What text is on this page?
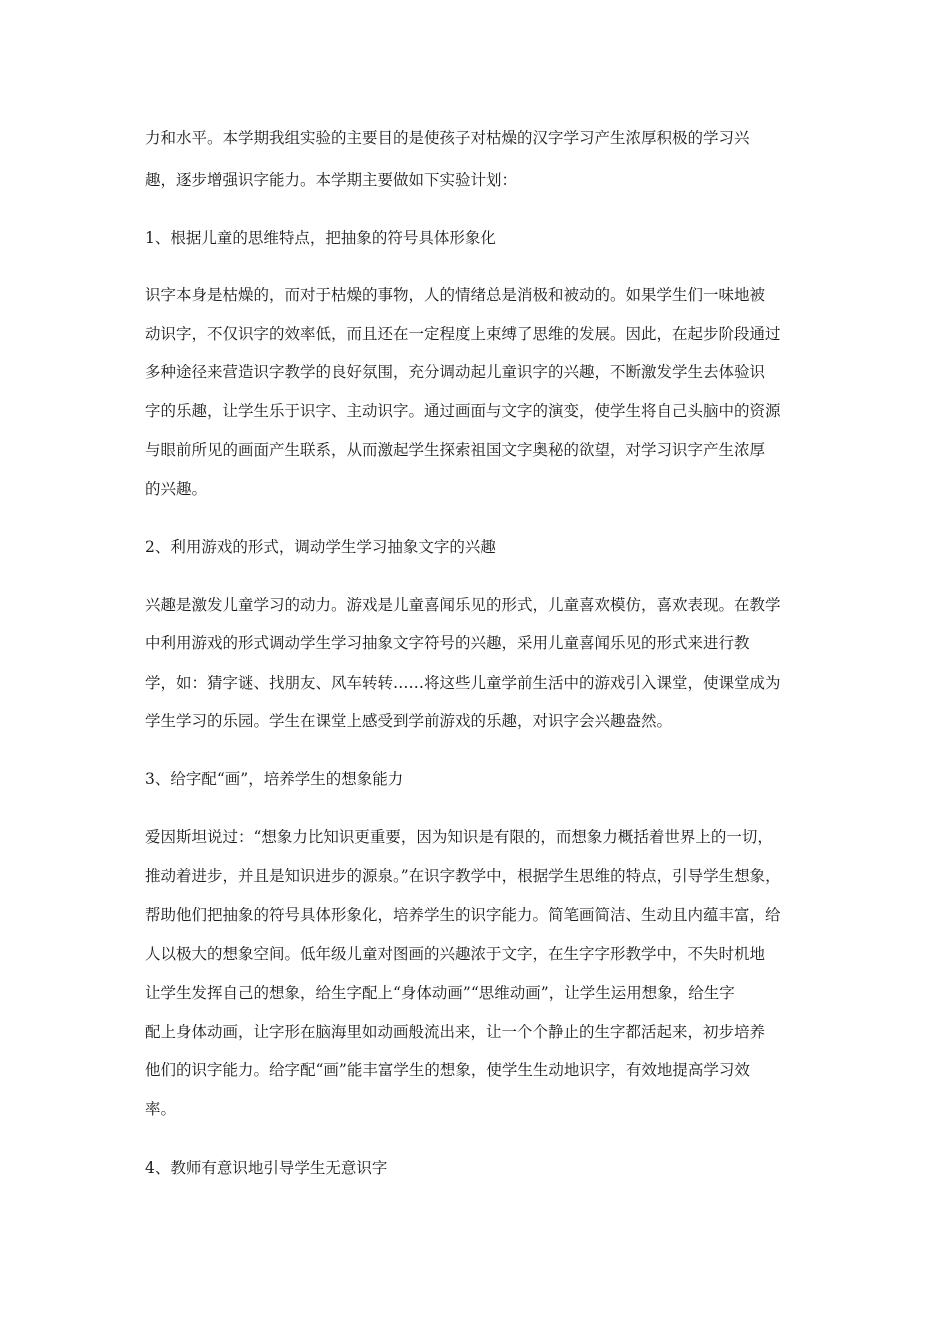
力和水平。本学期我组实验的主要目的是使孩子对枯燥的汉字学习产生浓厚积极的学习兴
趣，逐步增强识字能力。本学期主要做如下实验计划：
1、根据儿童的思维特点，把抽象的符号具体形象化
识字本身是枯燥的，而对于枯燥的事物，人的情绪总是消极和被动的。如果学生们一味地被
动识字，不仅识字的效率低，而且还在一定程度上束缚了思维的发展。因此，在起步阶段通过
多种途径来营造识字教学的良好氛围，充分调动起儿童识字的兴趣，不断激发学生去体验识
字的乐趣，让学生乐于识字、主动识字。通过画面与文字的演变，使学生将自己头脑中的资源
与眼前所见的画面产生联系，从而激起学生探索祖国文字奥秘的欲望，对学习识字产生浓厚
的兴趣。
2、利用游戏的形式，调动学生学习抽象文字的兴趣
兴趣是激发儿童学习的动力。游戏是儿童喜闻乐见的形式，儿童喜欢模仿，喜欢表现。在教学
中利用游戏的形式调动学生学习抽象文字符号的兴趣，采用儿童喜闻乐见的形式来进行教
学，如：猜字谜、找朋友、风车转转……将这些儿童学前生活中的游戏引入课堂，使课堂成为
学生学习的乐园。学生在课堂上感受到学前游戏的乐趣，对识字会兴趣盎然。
3、给字配“画”，培养学生的想象能力
爱因斯坦说过：“想象力比知识更重要，因为知识是有限的，而想象力概括着世界上的一切，
推动着进步，并且是知识进步的源泉。”在识字教学中，根据学生思维的特点，引导学生想象，
帮助他们把抽象的符号具体形象化，培养学生的识字能力。简笔画简洁、生动且内蕴丰富，给
人以极大的想象空间。低年级儿童对图画的兴趣浓于文字，在生字字形教学中，不失时机地
让学生发挥自己的想象，给生字配上“身体动画”“思维动画”，让学生运用想象，给生字
配上身体动画，让字形在脑海里如动画般流出来，让一个个静止的生字都活起来，初步培养
他们的识字能力。给字配“画”能丰富学生的想象，使学生生动地识字，有效地提高学习效
率。
4、教师有意识地引导学生无意识字
